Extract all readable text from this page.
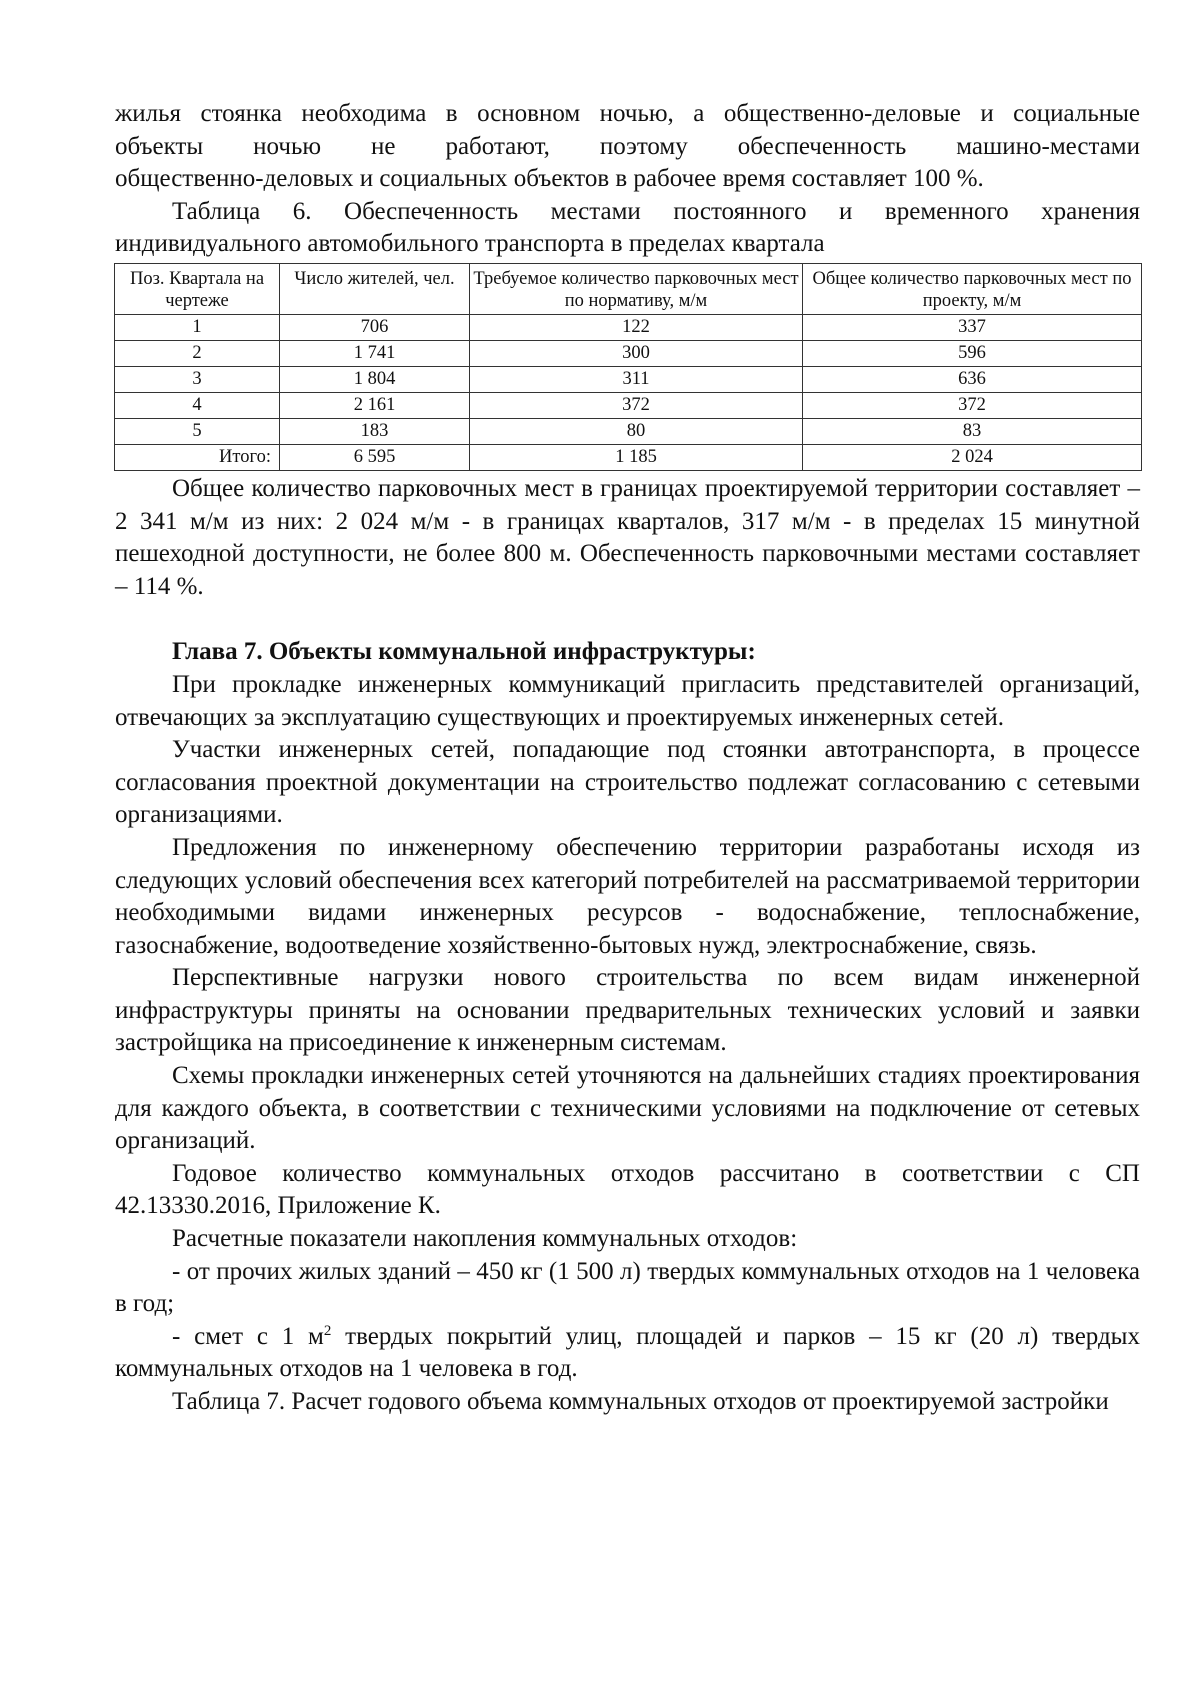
жилья стоянка необходима в основном ночью, а общественно-деловые и социальные

объекты ночью не работают, поэтому обеспеченность машино-местами

общественно-деловых и социальных объектов в рабочее время составляет 100 %.

Таблица 6. Обеспеченность местами постоянного и временного хранения

индивидуального автомобильного транспорта в пределах квартала

Поз. Квартала на чертеже	Число жителей, чел.	Требуемое количество парковочных мест по нормативу, м/м	Общее количество парковочных мест по проекту, м/м
1	706	122	337
2	1 741	300	596
3	1 804	311	636
4	2 161	372	372
5	183	80	83
Итого:	6 595	1 185	2 024

Общее количество парковочных мест в границах проектируемой территории составляет – 2 341 м/м из них: 2 024 м/м - в границах кварталов, 317 м/м - в пределах 15 минутной пешеходной доступности, не более 800 м. Обеспеченность парковочными местами составляет – 114 %.

Глава 7. Объекты коммунальной инфраструктуры:

При прокладке инженерных коммуникаций пригласить представителей организаций, отвечающих за эксплуатацию существующих и проектируемых инженерных сетей.

Участки инженерных сетей, попадающие под стоянки автотранспорта, в процессе согласования проектной документации на строительство подлежат согласованию с сетевыми организациями.

Предложения по инженерному обеспечению территории разработаны исходя из следующих условий обеспечения всех категорий потребителей на рассматриваемой территории необходимыми видами инженерных ресурсов - водоснабжение, теплоснабжение, газоснабжение, водоотведение хозяйственно-бытовых нужд, электроснабжение, связь.

Перспективные нагрузки нового строительства по всем видам инженерной инфраструктуры приняты на основании предварительных технических условий и заявки застройщика на присоединение к инженерным системам.

Схемы прокладки инженерных сетей уточняются на дальнейших стадиях проектирования для каждого объекта, в соответствии с техническими условиями на подключение от сетевых организаций.

Годовое количество коммунальных отходов рассчитано в соответствии с СП 42.13330.2016, Приложение К.

Расчетные показатели накопления коммунальных отходов:

- от прочих жилых зданий – 450 кг (1 500 л) твердых коммунальных отходов на 1 человека в год;

- смет с 1 $м^2$ твердых покрытий улиц, площадей и парков – 15 кг (20 л) твердых коммунальных отходов на 1 человека в год.

Таблица 7. Расчет годового объема коммунальных отходов от проектируемой застройки
